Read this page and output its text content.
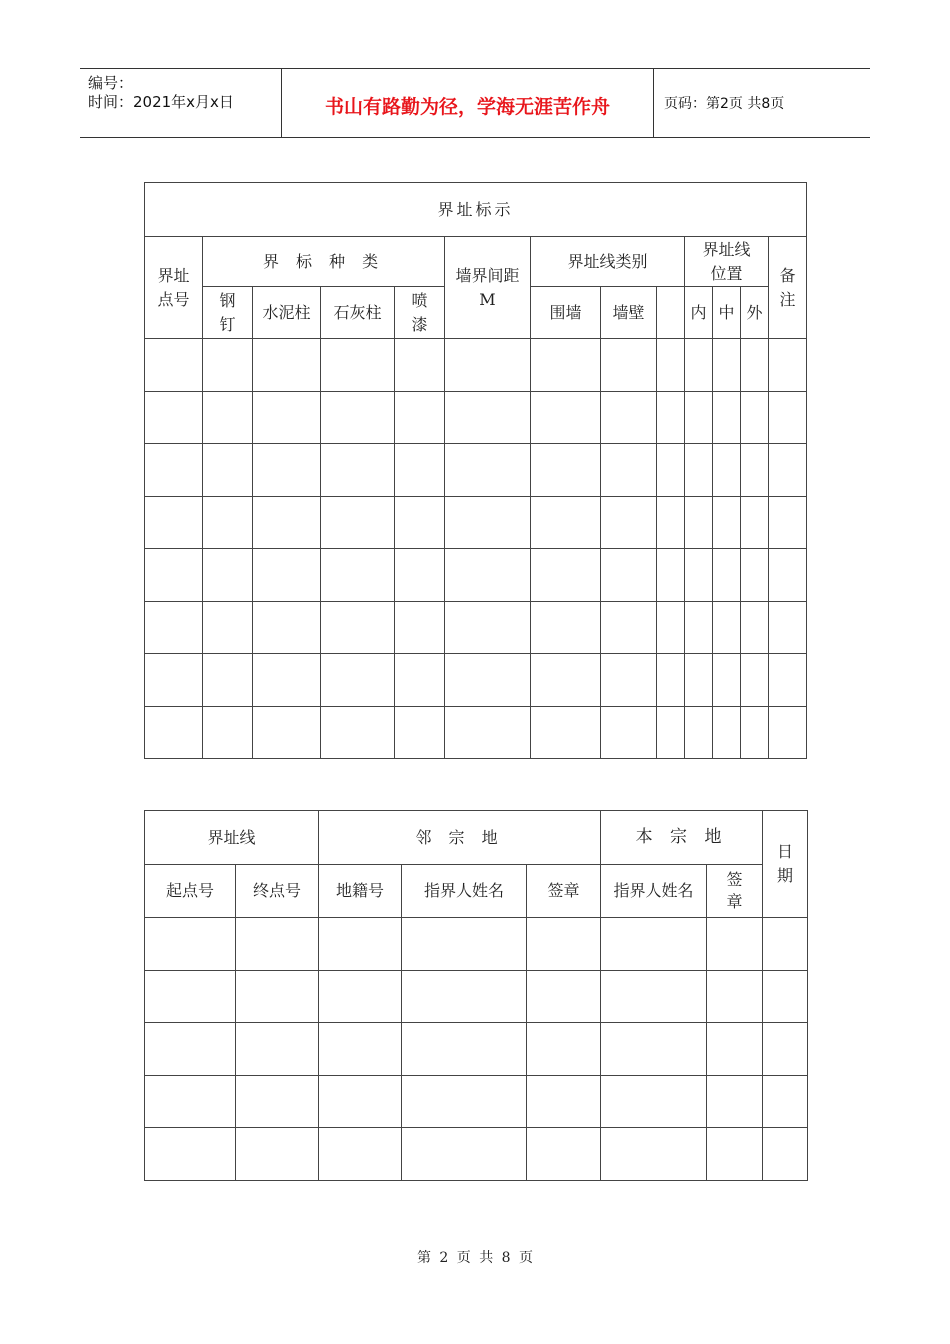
编号：
时间：2021年x月x日	书山有路勤为径，学海无涯苦作舟	页码：第2页 共8页
界址标示													

界址点号	界 标 种 类				墙界间距M	界址线类别			界址线位置			备注	

	钢钉	水泥柱	石灰柱	喷漆		围墙	墙壁		内	中	外		

界址线		邻 宗 地			本 宗 地		日期

起点号	终点号	地籍号	指界人姓名	签章	指界人姓名	签章	

第 2 页 共 8 页
